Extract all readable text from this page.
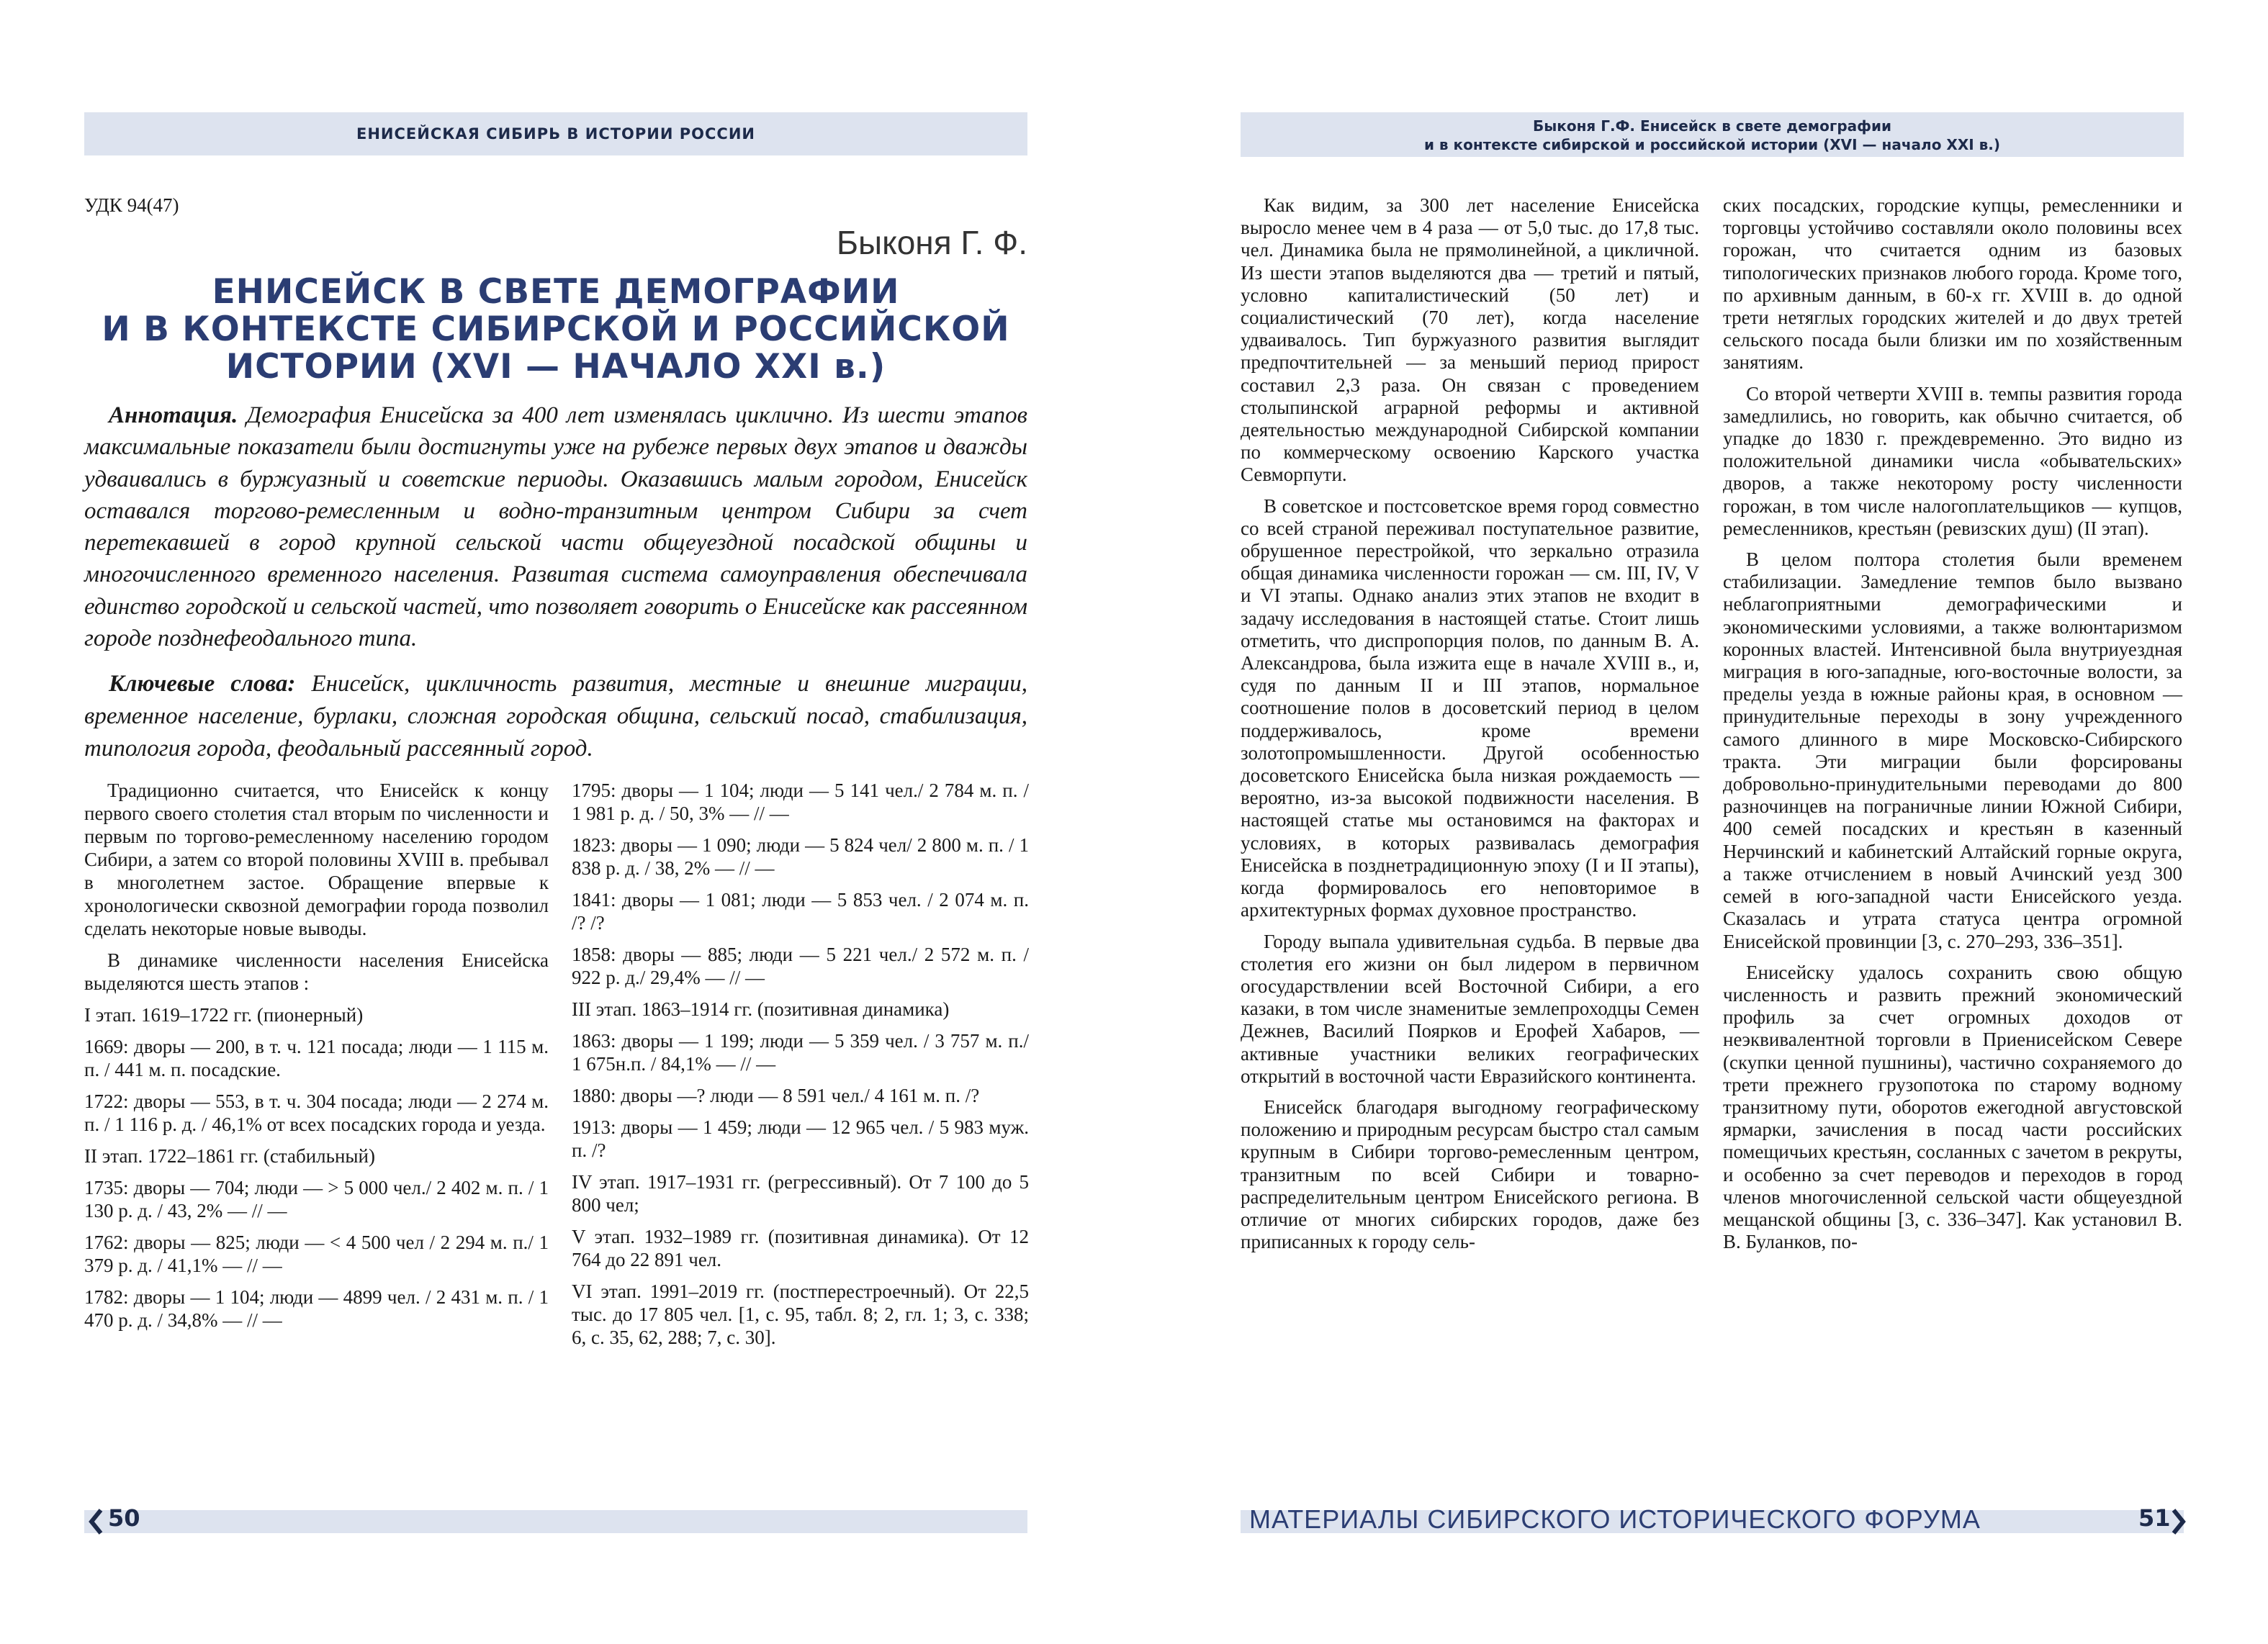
ЕНИСЕЙСКАЯ СИБИРЬ В ИСТОРИИ РОССИИ
УДК 94(47)
Быконя Г. Ф.
ЕНИСЕЙСК В СВЕТЕ ДЕМОГРАФИИ
И В КОНТЕКСТЕ СИБИРСКОЙ И РОССИЙСКОЙ
ИСТОРИИ (XVI — НАЧАЛО XXI в.)
Аннотация. Демография Енисейска за 400 лет изменялась циклично. Из шести этапов максимальные показатели были достигнуты уже на рубеже первых двух этапов и дважды удваивались в буржуазный и советские периоды. Оказавшись малым городом, Енисейск оставался торгово-ремесленным и водно-транзитным центром Сибири за счет перетекавшей в город крупной сельской части общеуездной посадской общины и многочисленного временного населения. Развитая система самоуправления обеспечивала единство городской и сельской частей, что позволяет говорить о Енисейске как рассеянном городе позднефеодального типа.
Ключевые слова: Енисейск, цикличность развития, местные и внешние миграции, временное население, бурлаки, сложная городская община, сельский посад, стабилизация, типология города, феодальный рассеянный город.

Традиционно считается, что Енисейск к концу первого своего столетия стал вторым по численности и первым по торгово-ремесленному населению городом Сибири, а затем со второй половины XVIII в. пребывал в многолетнем застое. Обращение впервые к хронологически сквозной демографии города позволил сделать некоторые новые выводы.

В динамике численности населения Енисейска выделяются шесть этапов :

I этап. 1619–1722 гг. (пионерный)

1669: дворы — 200, в т. ч. 121 посада; люди — 1 115 м. п. / 441 м. п. посадские.

1722: дворы — 553, в т. ч. 304 посада; люди — 2 274 м. п. / 1 116 р. д. / 46,1% от всех посадских города и уезда.

II этап. 1722–1861 гг. (стабильный)

1735: дворы — 704; люди — > 5 000 чел./ 2 402 м. п. / 1 130 р. д. / 43, 2% — // —

1762: дворы — 825; люди — < 4 500 чел / 2 294 м. п./ 1 379 р. д. / 41,1% — // —

1782: дворы — 1 104; люди — 4899 чел. / 2 431 м. п. / 1 470 р. д. / 34,8% — // —

1795: дворы — 1 104; люди — 5 141 чел./ 2 784 м. п. / 1 981 р. д. / 50, 3% — // —

1823: дворы — 1 090; люди — 5 824 чел/ 2 800 м. п. / 1 838 р. д. / 38, 2% — // —

1841: дворы — 1 081; люди — 5 853 чел. / 2 074 м. п. /? /?

1858: дворы — 885; люди — 5 221 чел./ 2 572 м. п. / 922 р. д./ 29,4% — // —

III этап. 1863–1914 гг. (позитивная динамика)

1863: дворы — 1 199; люди — 5 359 чел. / 3 757 м. п./ 1 675н.п. / 84,1% — // —

1880: дворы —? люди — 8 591 чел./ 4 161 м. п. /?

1913: дворы — 1 459; люди — 12 965 чел. / 5 983 муж. п. /?

IV этап. 1917–1931 гг. (регрессивный). От 7 100 до 5 800 чел;

V этап. 1932–1989 гг. (позитивная динамика). От 12 764 до 22 891 чел.

VI этап. 1991–2019 гг. (постперестроечный). От 22,5 тыс. до 17 805 чел. [1, с. 95, табл. 8; 2, гл. 1; 3, с. 338; 6, с. 35, 62, 288; 7, с. 30].

50
Быконя Г.Ф. Енисейск в свете демографии
и в контексте сибирской и российской истории (XVI — начало XXI в.)

Как видим, за 300 лет население Енисейска выросло менее чем в 4 раза — от 5,0 тыс. до 17,8 тыс. чел. Динамика была не прямолинейной, а цикличной. Из шести этапов выделяются два — третий и пятый, условно капиталистический (50 лет) и социалистический (70 лет), когда население удваивалось. Тип буржуазного развития выглядит предпочтительней — за меньший период прирост составил 2,3 раза. Он связан с проведением столыпинской аграрной реформы и активной деятельностью международной Сибирской компании по коммерческому освоению Карского участка Севморпути.

В советское и постсоветское время город совместно со всей страной переживал поступательное развитие, обрушенное перестройкой, что зеркально отразила общая динамика численности горожан — см. III, IV, V и VI этапы. Однако анализ этих этапов не входит в задачу исследования в настоящей статье. Стоит лишь отметить, что диспропорция полов, по данным В. А. Александрова, была изжита еще в начале XVIII в., и, судя по данным II и III этапов, нормальное соотношение полов в досоветский период в целом поддерживалось, кроме времени золотопромышленности. Другой особенностью досоветского Енисейска была низкая рождаемость — вероятно, из-за высокой подвижности населения. В настоящей статье мы остановимся на факторах и условиях, в которых развивалась демография Енисейска в позднетрадиционную эпоху (I и II этапы), когда формировалось его неповторимое в архитектурных формах духовное пространство.

Городу выпала удивительная судьба. В первые два столетия его жизни он был лидером в первичном огосударствлении всей Восточной Сибири, а его казаки, в том числе знаменитые землепроходцы Семен Дежнев, Василий Поярков и Ерофей Хабаров, — активные участники великих географических открытий в восточной части Евразийского континента.

Енисейск благодаря выгодному географическому положению и природным ресурсам быстро стал самым крупным в Сибири торгово-ремесленным центром, транзитным по всей Сибири и товарно-распределительным центром Енисейского региона. В отличие от многих сибирских городов, даже без приписанных к городу сель-

ских посадских, городские купцы, ремесленники и торговцы устойчиво составляли около половины всех горожан, что считается одним из базовых типологических признаков любого города. Кроме того, по архивным данным, в 60-х гг. XVIII в. до одной трети нетяглых городских жителей и до двух третей сельского посада были близки им по хозяйственным занятиям.

Со второй четверти XVIII в. темпы развития города замедлились, но говорить, как обычно считается, об упадке до 1830 г. преждевременно. Это видно из положительной динамики числа «обывательских» дворов, а также некоторому росту численности горожан, в том числе налогоплательщиков — купцов, ремесленников, крестьян (ревизских душ) (II этап).

В целом полтора столетия были временем стабилизации. Замедление темпов было вызвано неблагоприятными демографическими и экономическими условиями, а также волюнтаризмом коронных властей. Интенсивной была внутриуездная миграция в юго-западные, юго-восточные волости, за пределы уезда в южные районы края, в основном — принудительные переходы в зону учрежденного самого длинного в мире Московско-Сибирского тракта. Эти миграции были форсированы добровольно-принудительными переводами до 800 разночинцев на пограничные линии Южной Сибири, 400 семей посадских и крестьян в казенный Нерчинский и кабинетский Алтайский горные округа, а также отчислением в новый Ачинский уезд 300 семей в юго-западной части Енисейского уезда. Сказалась и утрата статуса центра огромной Енисейской провинции [3, с. 270–293, 336–351].

Енисейску удалось сохранить свою общую численность и развить прежний экономический профиль за счет огромных доходов от неэквивалентной торговли в Приенисейском Севере (скупки ценной пушнины), частично сохраняемого до трети прежнего грузопотока по старому водному транзитному пути, оборотов ежегодной августовской ярмарки, зачисления в посад части российских помещичьих крестьян, сосланных с зачетом в рекруты, и особенно за счет переводов и переходов в город членов многочисленной сельской части общеуездной мещанской общины [3, с. 336–347]. Как установил В. В. Буланков, по-

МАТЕРИАЛЫ СИБИРСКОГО ИСТОРИЧЕСКОГО ФОРУМА	51
